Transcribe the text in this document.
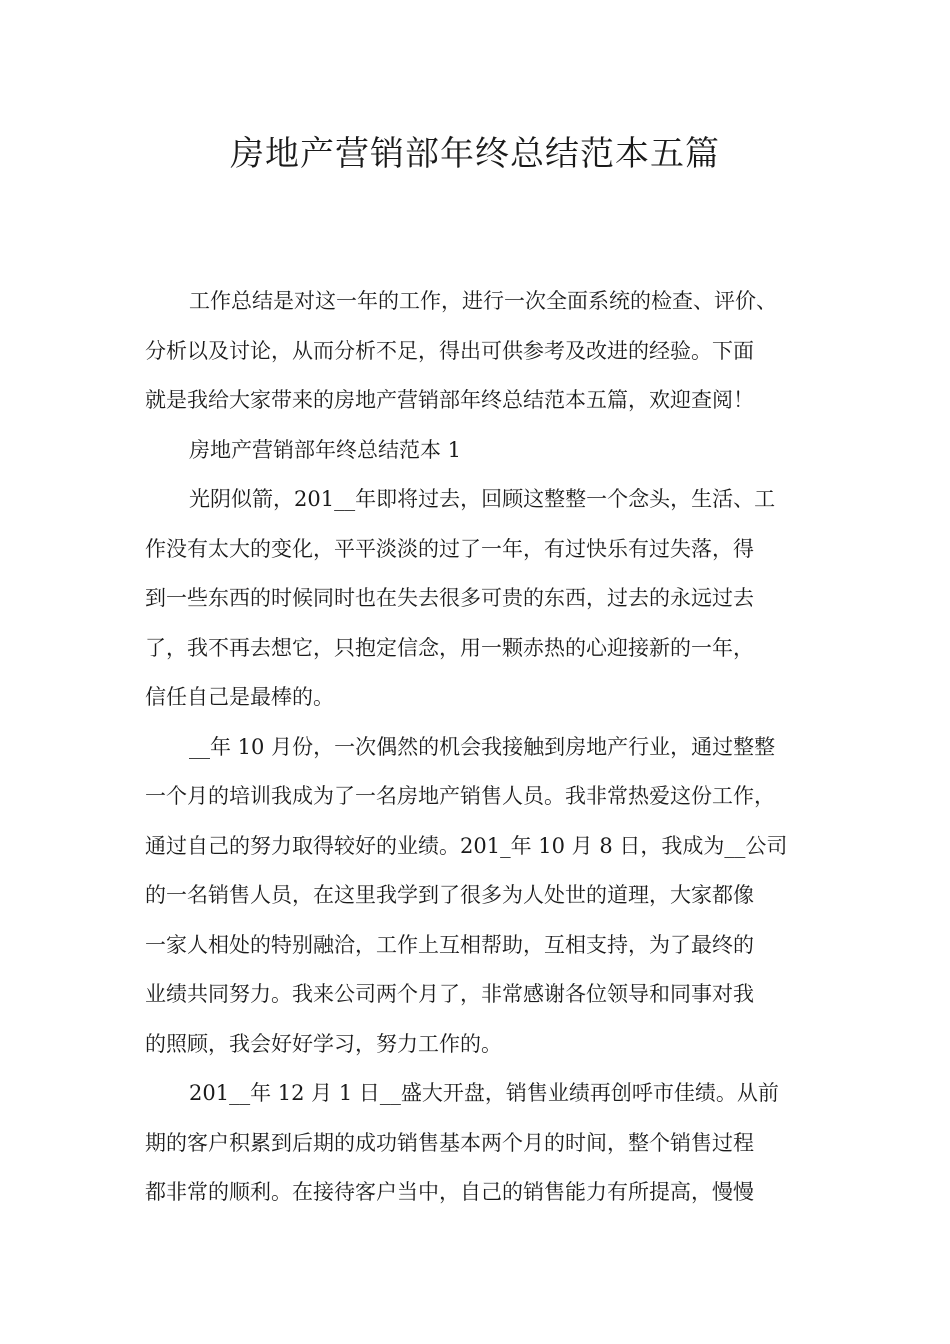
房地产营销部年终总结范本五篇
工作总结是对这一年的工作，进行一次全面系统的检查、评价、
分析以及讨论，从而分析不足，得出可供参考及改进的经验。下面
就是我给大家带来的房地产营销部年终总结范本五篇，欢迎查阅！
房地产营销部年终总结范本 1
光阴似箭，201__年即将过去，回顾这整整一个念头，生活、工
作没有太大的变化，平平淡淡的过了一年，有过快乐有过失落，得
到一些东西的时候同时也在失去很多可贵的东西，过去的永远过去
了，我不再去想它，只抱定信念，用一颗赤热的心迎接新的一年，
信任自己是最棒的。
__年 10 月份，一次偶然的机会我接触到房地产行业，通过整整
一个月的培训我成为了一名房地产销售人员。我非常热爱这份工作，
通过自己的努力取得较好的业绩。201_年 10 月 8 日，我成为__公司
的一名销售人员，在这里我学到了很多为人处世的道理，大家都像
一家人相处的特别融洽，工作上互相帮助，互相支持，为了最终的
业绩共同努力。我来公司两个月了，非常感谢各位领导和同事对我
的照顾，我会好好学习，努力工作的。
201__年 12 月 1 日__盛大开盘，销售业绩再创呼市佳绩。从前
期的客户积累到后期的成功销售基本两个月的时间，整个销售过程
都非常的顺利。在接待客户当中，自己的销售能力有所提高，慢慢
